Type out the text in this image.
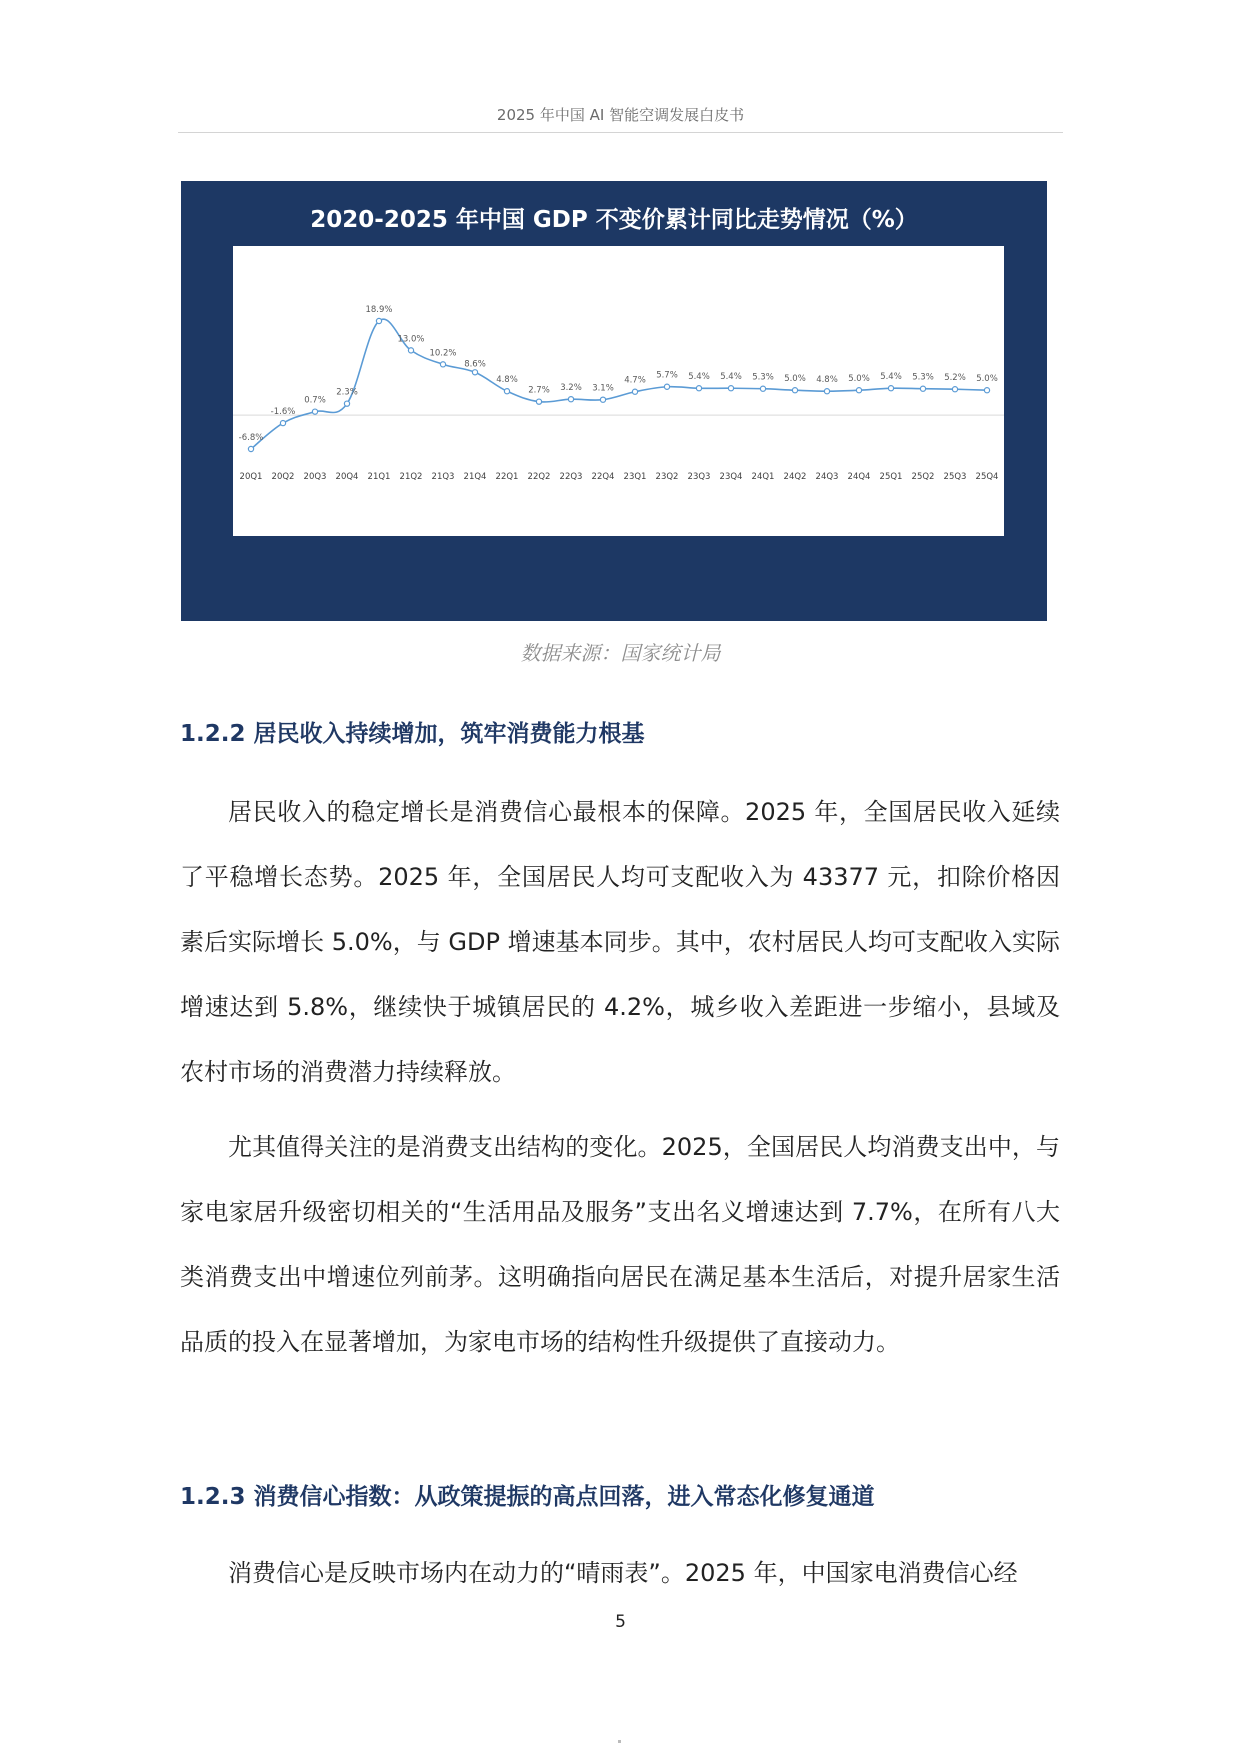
2025 年中国 AI 智能空调发展白皮书
2020-2025 年中国 GDP 不变价累计同比走势情况（%）
-6.8%
20Q1
-1.6%
20Q2
0.7%
20Q3
2.3%
20Q4
18.9%
21Q1
13.0%
21Q2
10.2%
21Q3
8.6%
21Q4
4.8%
22Q1
2.7%
22Q2
3.2%
22Q3
3.1%
22Q4
4.7%
23Q1
5.7%
23Q2
5.4%
23Q3
5.4%
23Q4
5.3%
24Q1
5.0%
24Q2
4.8%
24Q3
5.0%
24Q4
5.4%
25Q1
5.3%
25Q2
5.2%
25Q3
5.0%
25Q4
数据来源：国家统计局
1.2.2 居民收入持续增加，筑牢消费能力根基
居民收入的稳定增长是消费信心最根本的保障。2025 年，全国居民收入延续了平稳增长态势。2025 年，全国居民人均可支配收入为 43377 元，扣除价格因素后实际增长 5.0%，与 GDP 增速基本同步。其中，农村居民人均可支配收入实际增速达到 5.8%，继续快于城镇居民的 4.2%，城乡收入差距进一步缩小，县域及农村市场的消费潜力持续释放。
尤其值得关注的是消费支出结构的变化。2025，全国居民人均消费支出中，与家电家居升级密切相关的“生活用品及服务”支出名义增速达到 7.7%，在所有八大类消费支出中增速位列前茅。这明确指向居民在满足基本生活后，对提升居家生活品质的投入在显著增加，为家电市场的结构性升级提供了直接动力。
1.2.3 消费信心指数：从政策提振的高点回落，进入常态化修复通道
消费信心是反映市场内在动力的“晴雨表”。2025 年，中国家电消费信心经
5
